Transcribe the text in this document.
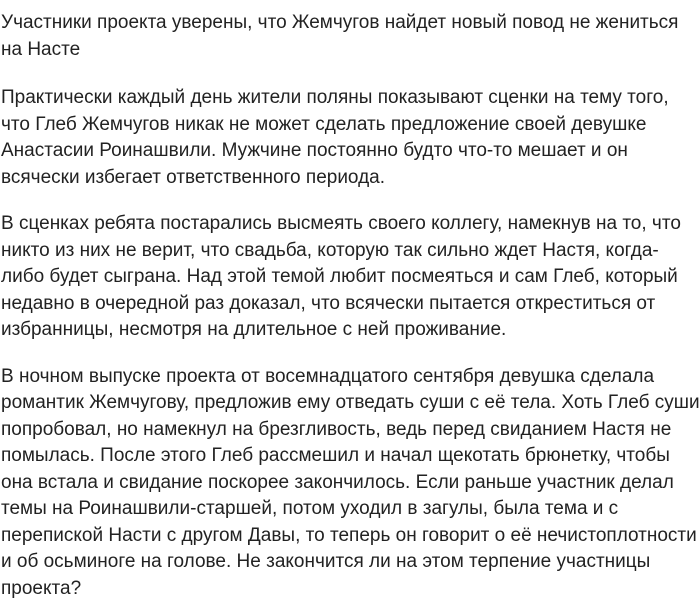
Участники проекта уверены, что Жемчугов найдет новый повод не жениться на Насте

Практически каждый день жители поляны показывают сценки на тему того, что Глеб Жемчугов никак не может сделать предложение своей девушке Анастасии Роинашвили. Мужчине постоянно будто что-то мешает и он всячески избегает ответственного периода.

В сценках ребята постарались высмеять своего коллегу, намекнув на то, что никто из них не верит, что свадьба, которую так сильно ждет Настя, когда-либо будет сыграна. Над этой темой любит посмеяться и сам Глеб, который недавно в очередной раз доказал, что всячески пытается откреститься от избранницы, несмотря на длительное с ней проживание.

В ночном выпуске проекта от восемнадцатого сентября девушка сделала романтик Жемчугову, предложив ему отведать суши с её тела. Хоть Глеб суши попробовал, но намекнул на брезгливость, ведь перед свиданием Настя не помылась. После этого Глеб рассмешил и начал щекотать брюнетку, чтобы она встала и свидание поскорее закончилось. Если раньше участник делал темы на Роинашвили-старшей, потом уходил в загулы, была тема и с перепиской Насти с другом Давы, то теперь он говорит о её нечистоплотности и об осьминоге на голове. Не закончится ли на этом терпение участницы проекта?
